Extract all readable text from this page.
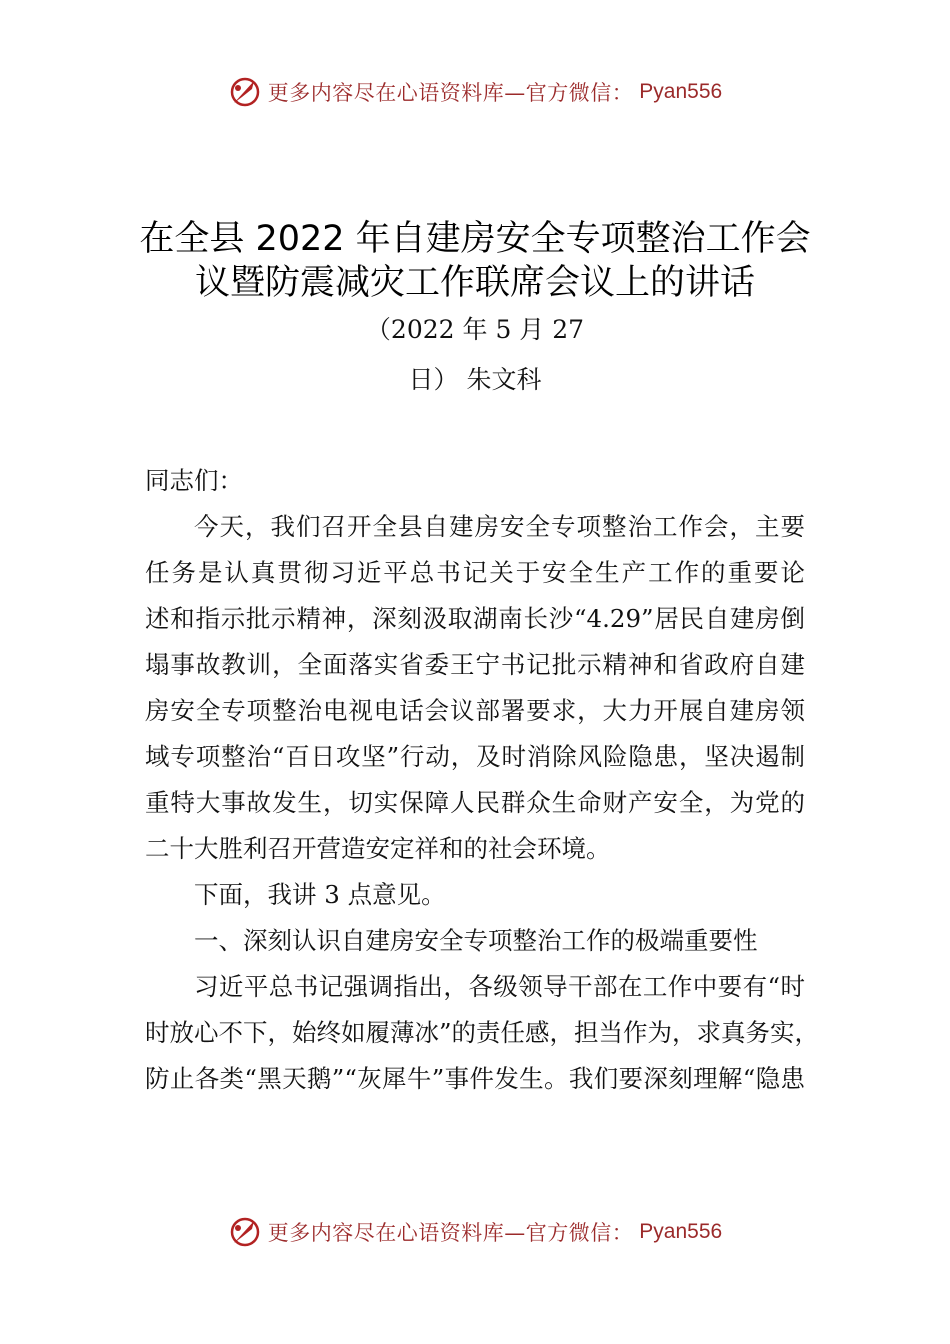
更多内容尽在心语资料库—官方微信： Pyan556
在全县 2022 年自建房安全专项整治工作会
议暨防震减灾工作联席会议上的讲话
（2022 年 5 月 27
日） 朱文科
同志们：
今天，我们召开全县自建房安全专项整治工作会，主要
任务是认真贯彻习近平总书记关于安全生产工作的重要论
述和指示批示精神，深刻汲取湖南长沙“4.29”居民自建房倒
塌事故教训，全面落实省委王宁书记批示精神和省政府自建
房安全专项整治电视电话会议部署要求，大力开展自建房领
域专项整治“百日攻坚”行动，及时消除风险隐患，坚决遏制
重特大事故发生，切实保障人民群众生命财产安全，为党的
二十大胜利召开营造安定祥和的社会环境。
下面，我讲 3 点意见。
一、深刻认识自建房安全专项整治工作的极端重要性
习近平总书记强调指出，各级领导干部在工作中要有“时
时放心不下，始终如履薄冰”的责任感，担当作为，求真务实，
防止各类“黑天鹅”“灰犀牛”事件发生。我们要深刻理解“隐患
更多内容尽在心语资料库—官方微信： Pyan556
